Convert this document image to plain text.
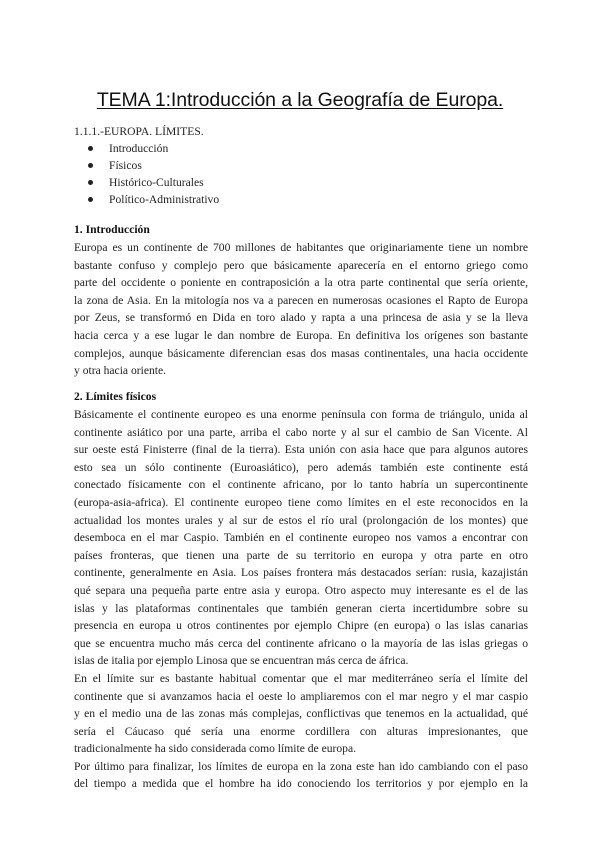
TEMA 1:Introducción a la Geografía de Europa.
1.1.1.-EUROPA. LÍMITES.
Introducción
Físicos
Histórico-Culturales
Político-Administrativo
1. Introducción
Europa es un continente de 700 millones de habitantes que originariamente tiene un nombre
bastante confuso y complejo pero que básicamente aparecería en el entorno griego como
parte del occidente o poniente en contraposición a la otra parte continental que sería oriente,
la zona de Asia. En la mitología nos va a parecen en numerosas ocasiones el Rapto de Europa
por Zeus, se transformó en Dida en toro alado y rapta a una princesa de asia y se la lleva
hacia cerca y a ese lugar le dan nombre de Europa. En definitiva los orígenes son bastante
complejos, aunque básicamente diferencian esas dos masas continentales, una hacia occidente
y otra hacia oriente.
2. Límites físicos
Básicamente el continente europeo es una enorme península con forma de triángulo, unida al
continente asiático por una parte, arriba el cabo norte y al sur el cambio de San Vicente. Al
sur oeste está Finisterre (final de la tierra). Esta unión con asia hace que para algunos autores
esto sea un sólo continente (Euroasiático), pero además también este continente está
conectado físicamente con el continente africano, por lo tanto habría un supercontinente
(europa-asia-africa). El continente europeo tiene como límites en el este reconocidos en la
actualidad los montes urales y al sur de estos el río ural (prolongación de los montes) que
desemboca en el mar Caspio. También en el continente europeo nos vamos a encontrar con
países fronteras, que tienen una parte de su territorio en europa y otra parte en otro
continente, generalmente en Asia. Los países frontera más destacados serían: rusia, kazajistán
qué separa una pequeña parte entre asia y europa. Otro aspecto muy interesante es el de las
islas y las plataformas continentales que también generan cierta incertidumbre sobre su
presencia en europa u otros continentes por ejemplo Chipre (en europa) o las islas canarias
que se encuentra mucho más cerca del continente africano o la mayoría de las islas griegas o
islas de italia por ejemplo Linosa que se encuentran más cerca de áfrica.
En el límite sur es bastante habitual comentar que el mar mediterráneo sería el límite del
continente que si avanzamos hacia el oeste lo ampliaremos con el mar negro y el mar caspio
y en el medio una de las zonas más complejas, conflictivas que tenemos en la actualidad, qué
sería el Cáucaso qué sería una enorme cordillera con alturas impresionantes, que
tradicionalmente ha sido considerada como límite de europa.
Por último para finalizar, los límites de europa en la zona este han ido cambiando con el paso
del tiempo a medida que el hombre ha ido conociendo los territorios y por ejemplo en la
